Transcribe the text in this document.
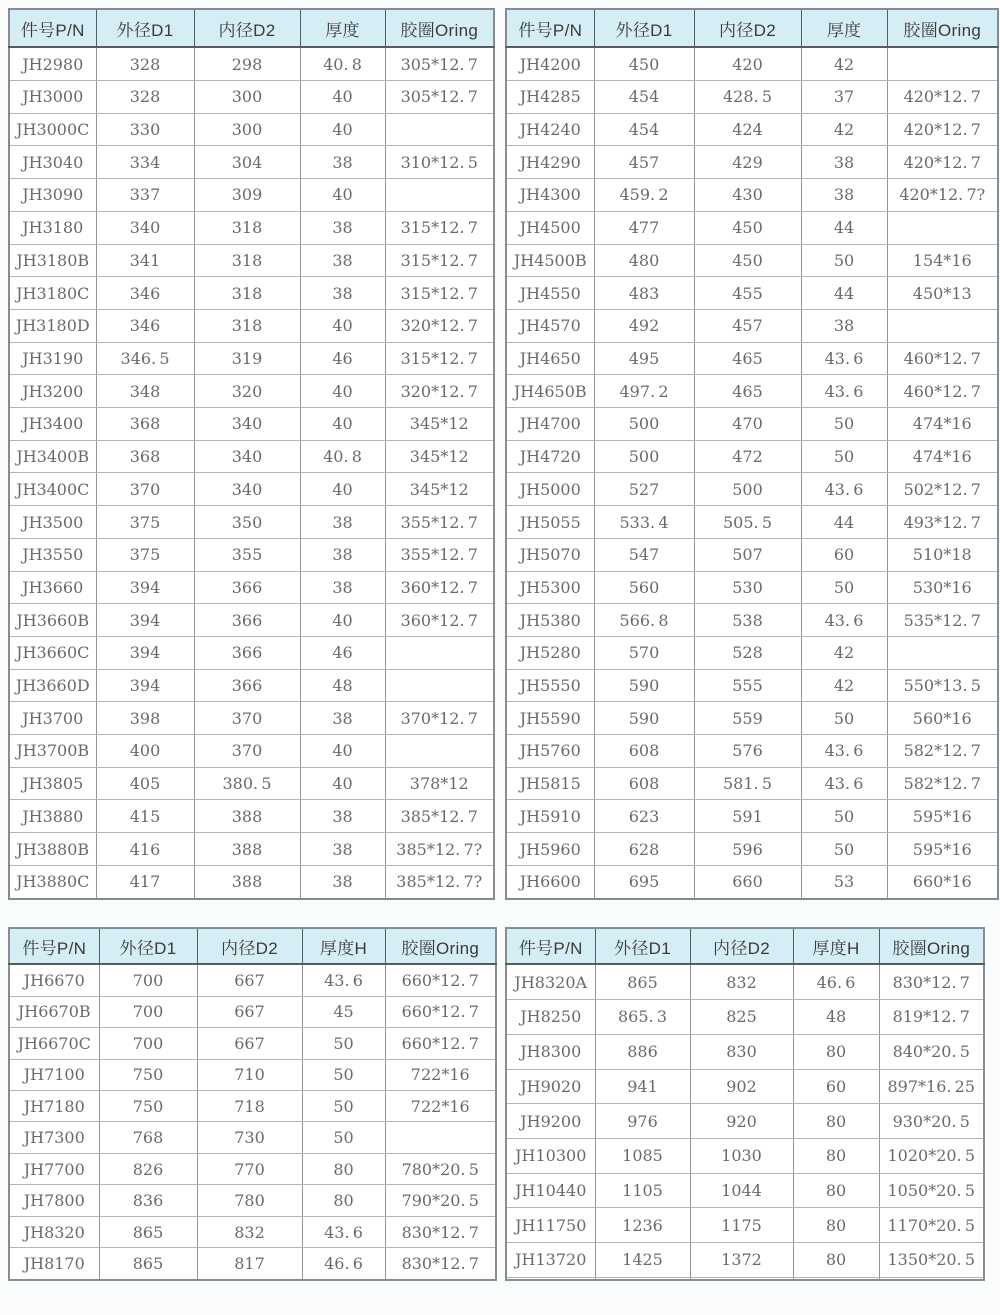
件号P/N	外径D1	内径D2	厚度	胶圈Oring
JH2980	328	298	40. 8	305*12. 7
JH3000	328	300	40	305*12. 7
JH3000C	330	300	40	
JH3040	334	304	38	310*12. 5
JH3090	337	309	40	
JH3180	340	318	38	315*12. 7
JH3180B	341	318	38	315*12. 7
JH3180C	346	318	38	315*12. 7
JH3180D	346	318	40	320*12. 7
JH3190	346. 5	319	46	315*12. 7
JH3200	348	320	40	320*12. 7
JH3400	368	340	40	345*12
JH3400B	368	340	40. 8	345*12
JH3400C	370	340	40	345*12
JH3500	375	350	38	355*12. 7
JH3550	375	355	38	355*12. 7
JH3660	394	366	38	360*12. 7
JH3660B	394	366	40	360*12. 7
JH3660C	394	366	46	
JH3660D	394	366	48	
JH3700	398	370	38	370*12. 7
JH3700B	400	370	40	
JH3805	405	380. 5	40	378*12
JH3880	415	388	38	385*12. 7
JH3880B	416	388	38	385*12. 7?
JH3880C	417	388	38	385*12. 7?
件号P/N	外径D1	内径D2	厚度	胶圈Oring
JH4200	450	420	42	
JH4285	454	428. 5	37	420*12. 7
JH4240	454	424	42	420*12. 7
JH4290	457	429	38	420*12. 7
JH4300	459. 2	430	38	420*12. 7?
JH4500	477	450	44	
JH4500B	480	450	50	154*16
JH4550	483	455	44	450*13
JH4570	492	457	38	
JH4650	495	465	43. 6	460*12. 7
JH4650B	497. 2	465	43. 6	460*12. 7
JH4700	500	470	50	474*16
JH4720	500	472	50	474*16
JH5000	527	500	43. 6	502*12. 7
JH5055	533. 4	505. 5	44	493*12. 7
JH5070	547	507	60	510*18
JH5300	560	530	50	530*16
JH5380	566. 8	538	43. 6	535*12. 7
JH5280	570	528	42	
JH5550	590	555	42	550*13. 5
JH5590	590	559	50	560*16
JH5760	608	576	43. 6	582*12. 7
JH5815	608	581. 5	43. 6	582*12. 7
JH5910	623	591	50	595*16
JH5960	628	596	50	595*16
JH6600	695	660	53	660*16
件号P/N	外径D1	内径D2	厚度H	胶圈Oring
JH6670	700	667	43. 6	660*12. 7
JH6670B	700	667	45	660*12. 7
JH6670C	700	667	50	660*12. 7
JH7100	750	710	50	722*16
JH7180	750	718	50	722*16
JH7300	768	730	50	
JH7700	826	770	80	780*20. 5
JH7800	836	780	80	790*20. 5
JH8320	865	832	43. 6	830*12. 7
JH8170	865	817	46. 6	830*12. 7
件号P/N	外径D1	内径D2	厚度H	胶圈Oring
JH8320A	865	832	46. 6	830*12. 7
JH8250	865. 3	825	48	819*12. 7
JH8300	886	830	80	840*20. 5
JH9020	941	902	60	897*16. 25
JH9200	976	920	80	930*20. 5
JH10300	1085	1030	80	1020*20. 5
JH10440	1105	1044	80	1050*20. 5
JH11750	1236	1175	80	1170*20. 5
JH13720	1425	1372	80	1350*20. 5
